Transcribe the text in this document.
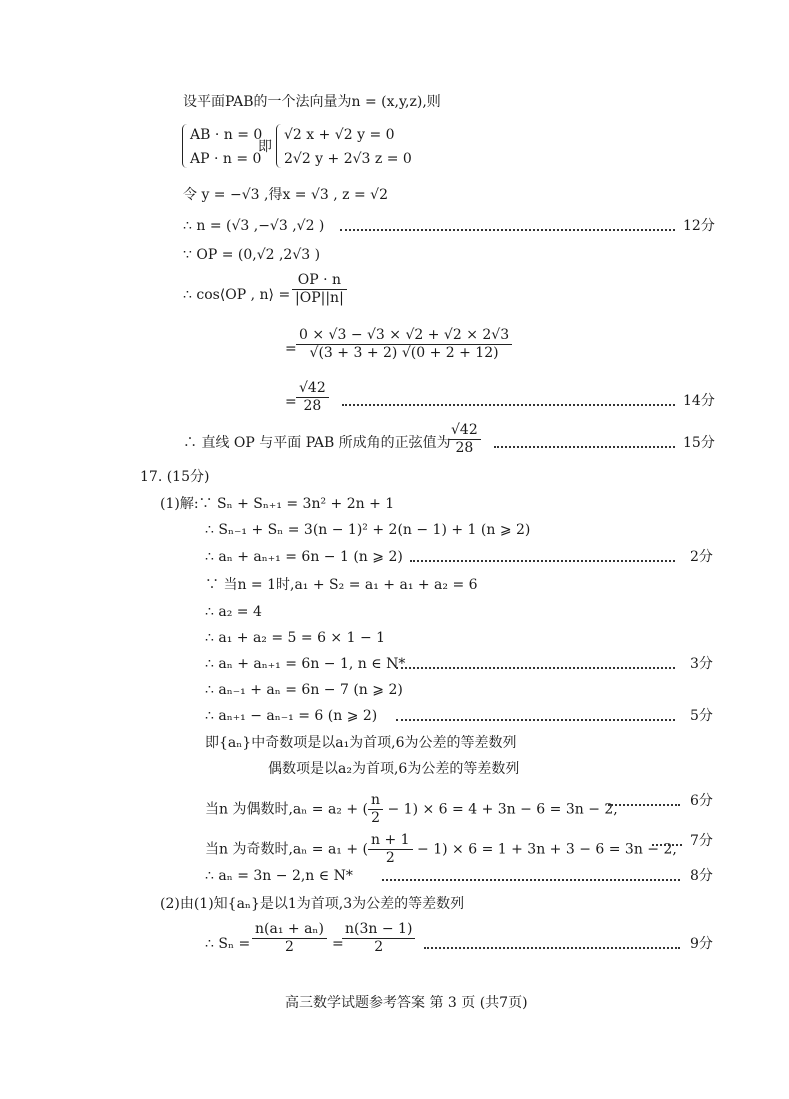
设平面PAB的一个法向量为n = (x,y,z),则
AB · n = 0
AP · n = 0
即
√2 x + √2 y = 0
2√2 y + 2√3 z = 0
令 y = −√3 ,得x = √3 , z = √2
∴ n = (√3 ,−√3 ,√2 )	12分
∵ OP = (0,√2 ,2√3 )
∴ cos⟨OP , n⟩ = $\frac{OP \cdot n}{|OP||n|}$
= $\frac{0 \times √3 - √3 \times √2 + √2 \times 2√3}{√(3 + 3 + 2) √(0 + 2 + 12)}$
= $\frac{√42}{28}$	14分
∴ 直线 OP 与平面 PAB 所成角的正弦值为
$\frac{√42}{28}$	15分
17. (15分)
(1)解:∵ Sₙ + Sₙ₊₁ = 3n² + 2n + 1
∴ Sₙ₋₁ + Sₙ = 3(n − 1)² + 2(n − 1) + 1 (n ⩾ 2)
∴ aₙ + aₙ₊₁ = 6n − 1 (n ⩾ 2)	2分
∵ 当n = 1时,a₁ + S₂ = a₁ + a₁ + a₂ = 6
∴ a₂ = 4
∴ a₁ + a₂ = 5 = 6 × 1 − 1
∴ aₙ + aₙ₊₁ = 6n − 1, n ∈ N*	3分
∴ aₙ₋₁ + aₙ = 6n − 7 (n ⩾ 2)
∴ aₙ₊₁ − aₙ₋₁ = 6 (n ⩾ 2)	5分
即{aₙ}中奇数项是以a₁为首项,6为公差的等差数列
偶数项是以a₂为首项,6为公差的等差数列
当n 为偶数时,aₙ = a₂ + ( $\frac{n}{2} - 1) \times 6 = 4 + 3n - 6 = 3n - 2$,
6分
当n 为奇数时,aₙ = a₁ + ( $\frac{n + 1}{2} - 1) \times 6 = 1 + 3n + 3 - 6 = 3n - 2$,
7分
∴ aₙ = 3n − 2,n ∈ N*	8分
(2)由(1)知{aₙ}是以1为首项,3为公差的等差数列
∴ $S_n = \frac{\text{n(a₁ + aₙ)}}{2}$ =
$\frac{n(3n - 1)}{2}$	9分
高三数学试题参考答案 第 3 页 (共7页)
